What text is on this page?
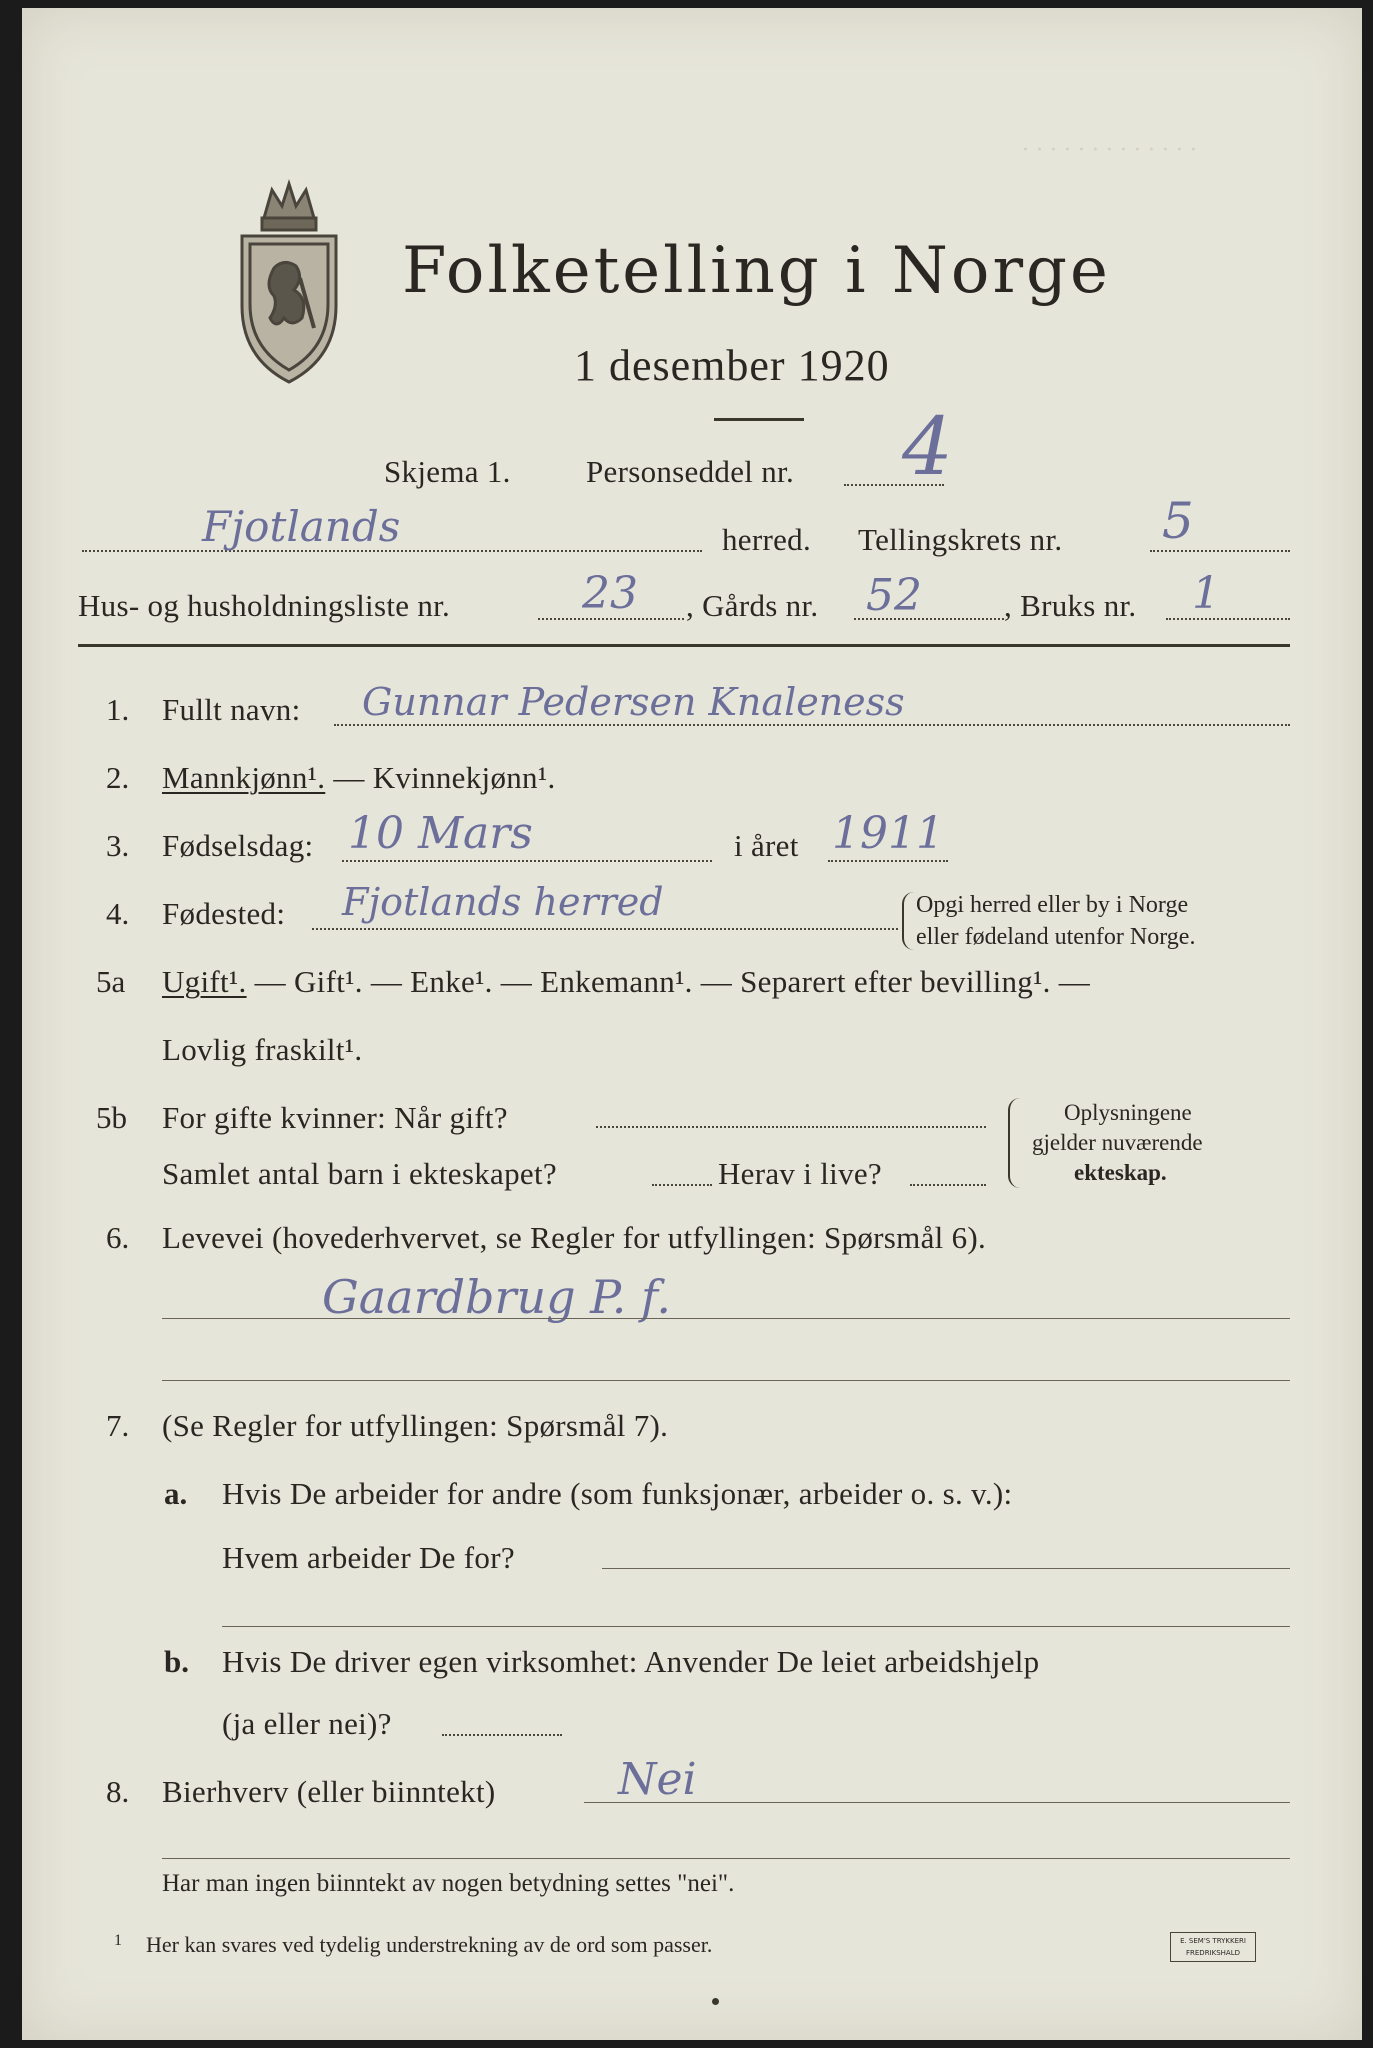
· · · · · · · · · · · · ·
Folketelling i Norge
1 desember 1920
Skjema 1. Personseddel nr. 4
Fjotlands	herred. Tellingskrets nr. 5
Hus- og husholdningsliste nr.	23 , Gårds nr. 52	, Bruks nr. 1
1. Fullt navn: Gunnar Pedersen Knaleness
2. Mannkjønn¹. — Kvinnekjønn¹.
3. Fødselsdag: 10 Mars	i året 1911
4. Fødested: Fjotlands herred	Opgi herred eller by i Norge
eller fødeland utenfor Norge.
5a Ugift¹. — Gift¹. — Enke¹. — Enkemann¹. — Separert efter bevilling¹. —
Lovlig fraskilt¹.
5b For gifte kvinner: Når gift?
Samlet antal barn i ekteskapet?	Herav i live?
Oplysningene
gjelder nuværende
ekteskap.
6. Levevei (hovederhvervet, se Regler for utfyllingen: Spørsmål 6).
Gaardbrug P. f.
7. (Se Regler for utfyllingen: Spørsmål 7).
a. Hvis De arbeider for andre (som funksjonær, arbeider o. s. v.):
Hvem arbeider De for?
b. Hvis De driver egen virksomhet: Anvender De leiet arbeidshjelp
(ja eller nei)?
8. Bierhverv (eller biinntekt)	Nei
Har man ingen biinntekt av nogen betydning settes "nei".
1 Her kan svares ved tydelig understrekning av de ord som passer.	E. SEM'S TRYKKERI FREDRIKSHALD
